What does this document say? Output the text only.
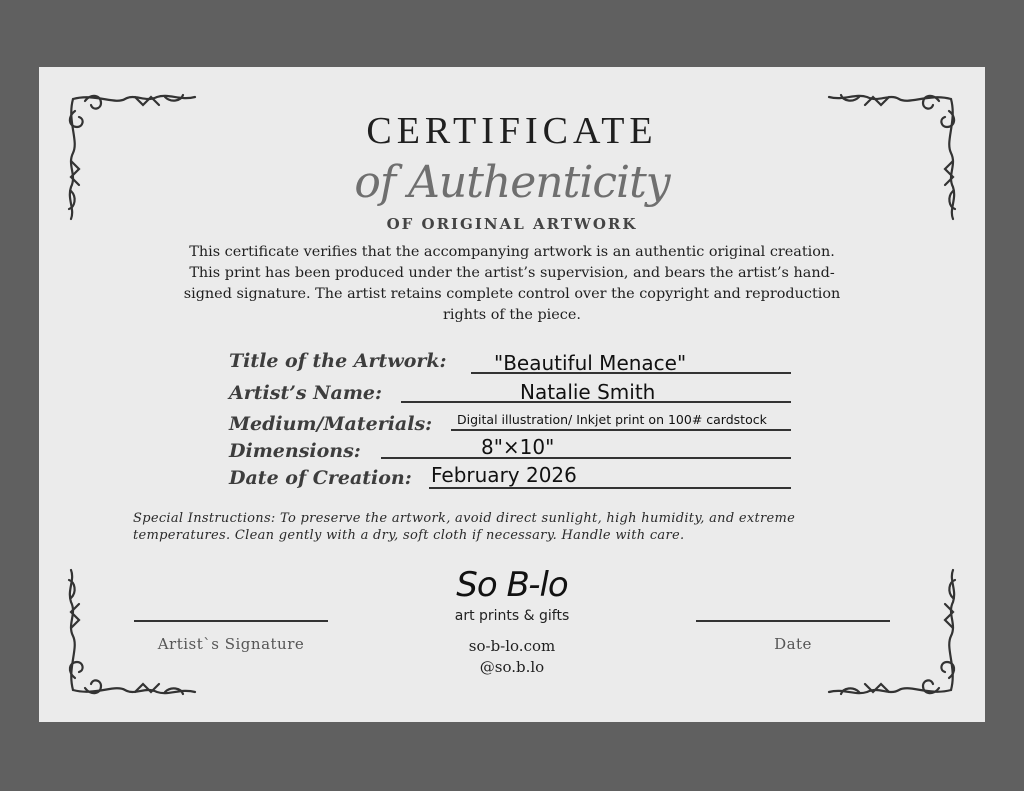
CERTIFICATE
of Authenticity
OF ORIGINAL ARTWORK
This certificate verifies that the accompanying artwork is an authentic original creation.
This print has been produced under the artist’s supervision, and bears the artist’s hand-
signed signature. The artist retains complete control over the copyright and reproduction
rights of the piece.
Title of the Artwork: "Beautiful Menace"
Artist’s Name:	Natalie Smith
Medium/Materials: Digital illustration/ Inkjet print on 100# cardstock
Dimensions:	8"×10"
Date of Creation: February 2026
Special Instructions: To preserve the artwork, avoid direct sunlight, high humidity, and extreme
temperatures. Clean gently with a dry, soft cloth if necessary. Handle with care.
Artist`s Signature	Date
So B-lo
art prints & gifts
so-b-lo.com
@so.b.lo
